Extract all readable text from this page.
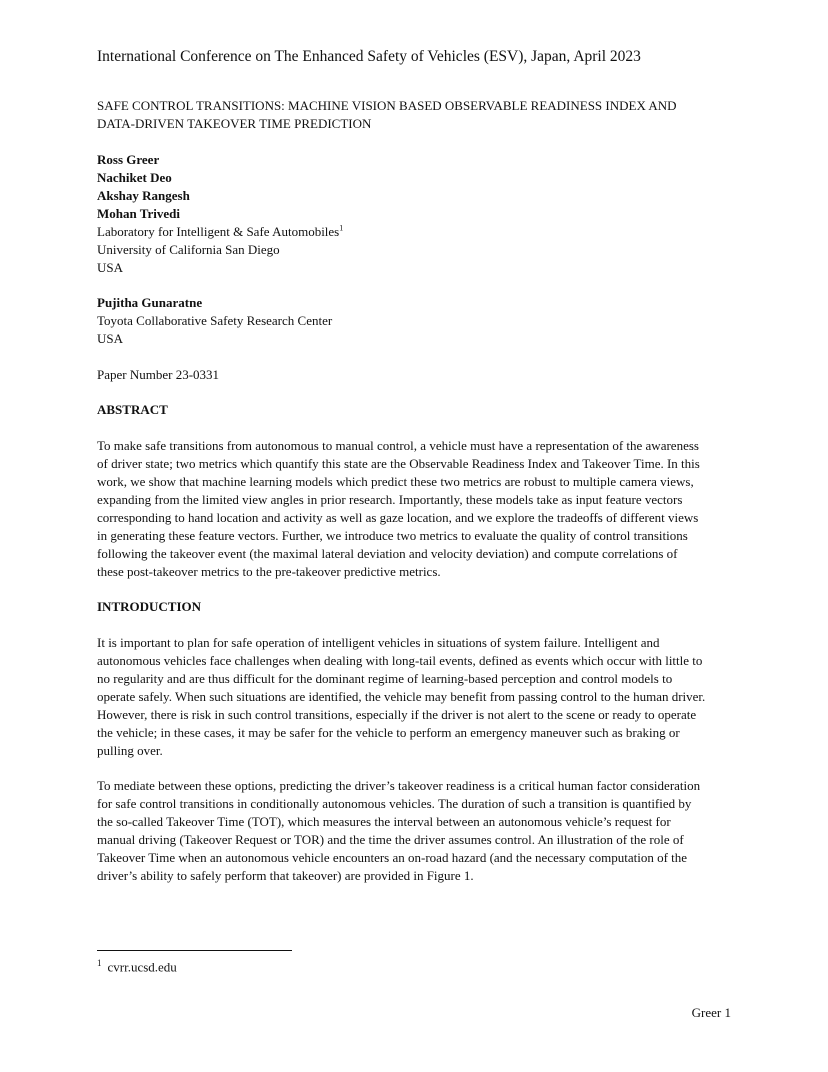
International Conference on The Enhanced Safety of Vehicles (ESV), Japan, April 2023
SAFE CONTROL TRANSITIONS: MACHINE VISION BASED OBSERVABLE READINESS INDEX AND
DATA-DRIVEN TAKEOVER TIME PREDICTION
Ross Greer
Nachiket Deo
Akshay Rangesh
Mohan Trivedi
Laboratory for Intelligent & Safe Automobiles$^1$
University of California San Diego
USA
Pujitha Gunaratne
Toyota Collaborative Safety Research Center
USA
Paper Number 23-0331
ABSTRACT
To make safe transitions from autonomous to manual control, a vehicle must have a representation of the awareness
of driver state; two metrics which quantify this state are the Observable Readiness Index and Takeover Time. In this
work, we show that machine learning models which predict these two metrics are robust to multiple camera views,
expanding from the limited view angles in prior research. Importantly, these models take as input feature vectors
corresponding to hand location and activity as well as gaze location, and we explore the tradeoffs of different views
in generating these feature vectors. Further, we introduce two metrics to evaluate the quality of control transitions
following the takeover event (the maximal lateral deviation and velocity deviation) and compute correlations of
these post-takeover metrics to the pre-takeover predictive metrics.
INTRODUCTION
It is important to plan for safe operation of intelligent vehicles in situations of system failure. Intelligent and
autonomous vehicles face challenges when dealing with long-tail events, defined as events which occur with little to
no regularity and are thus difficult for the dominant regime of learning-based perception and control models to
operate safely. When such situations are identified, the vehicle may benefit from passing control to the human driver.
However, there is risk in such control transitions, especially if the driver is not alert to the scene or ready to operate
the vehicle; in these cases, it may be safer for the vehicle to perform an emergency maneuver such as braking or
pulling over.
To mediate between these options, predicting the driver’s takeover readiness is a critical human factor consideration
for safe control transitions in conditionally autonomous vehicles. The duration of such a transition is quantified by
the so-called Takeover Time (TOT), which measures the interval between an autonomous vehicle’s request for
manual driving (Takeover Request or TOR) and the time the driver assumes control. An illustration of the role of
Takeover Time when an autonomous vehicle encounters an on-road hazard (and the necessary computation of the
driver’s ability to safely perform that takeover) are provided in Figure 1.
$^1$ cvrr.ucsd.edu
Greer 1
